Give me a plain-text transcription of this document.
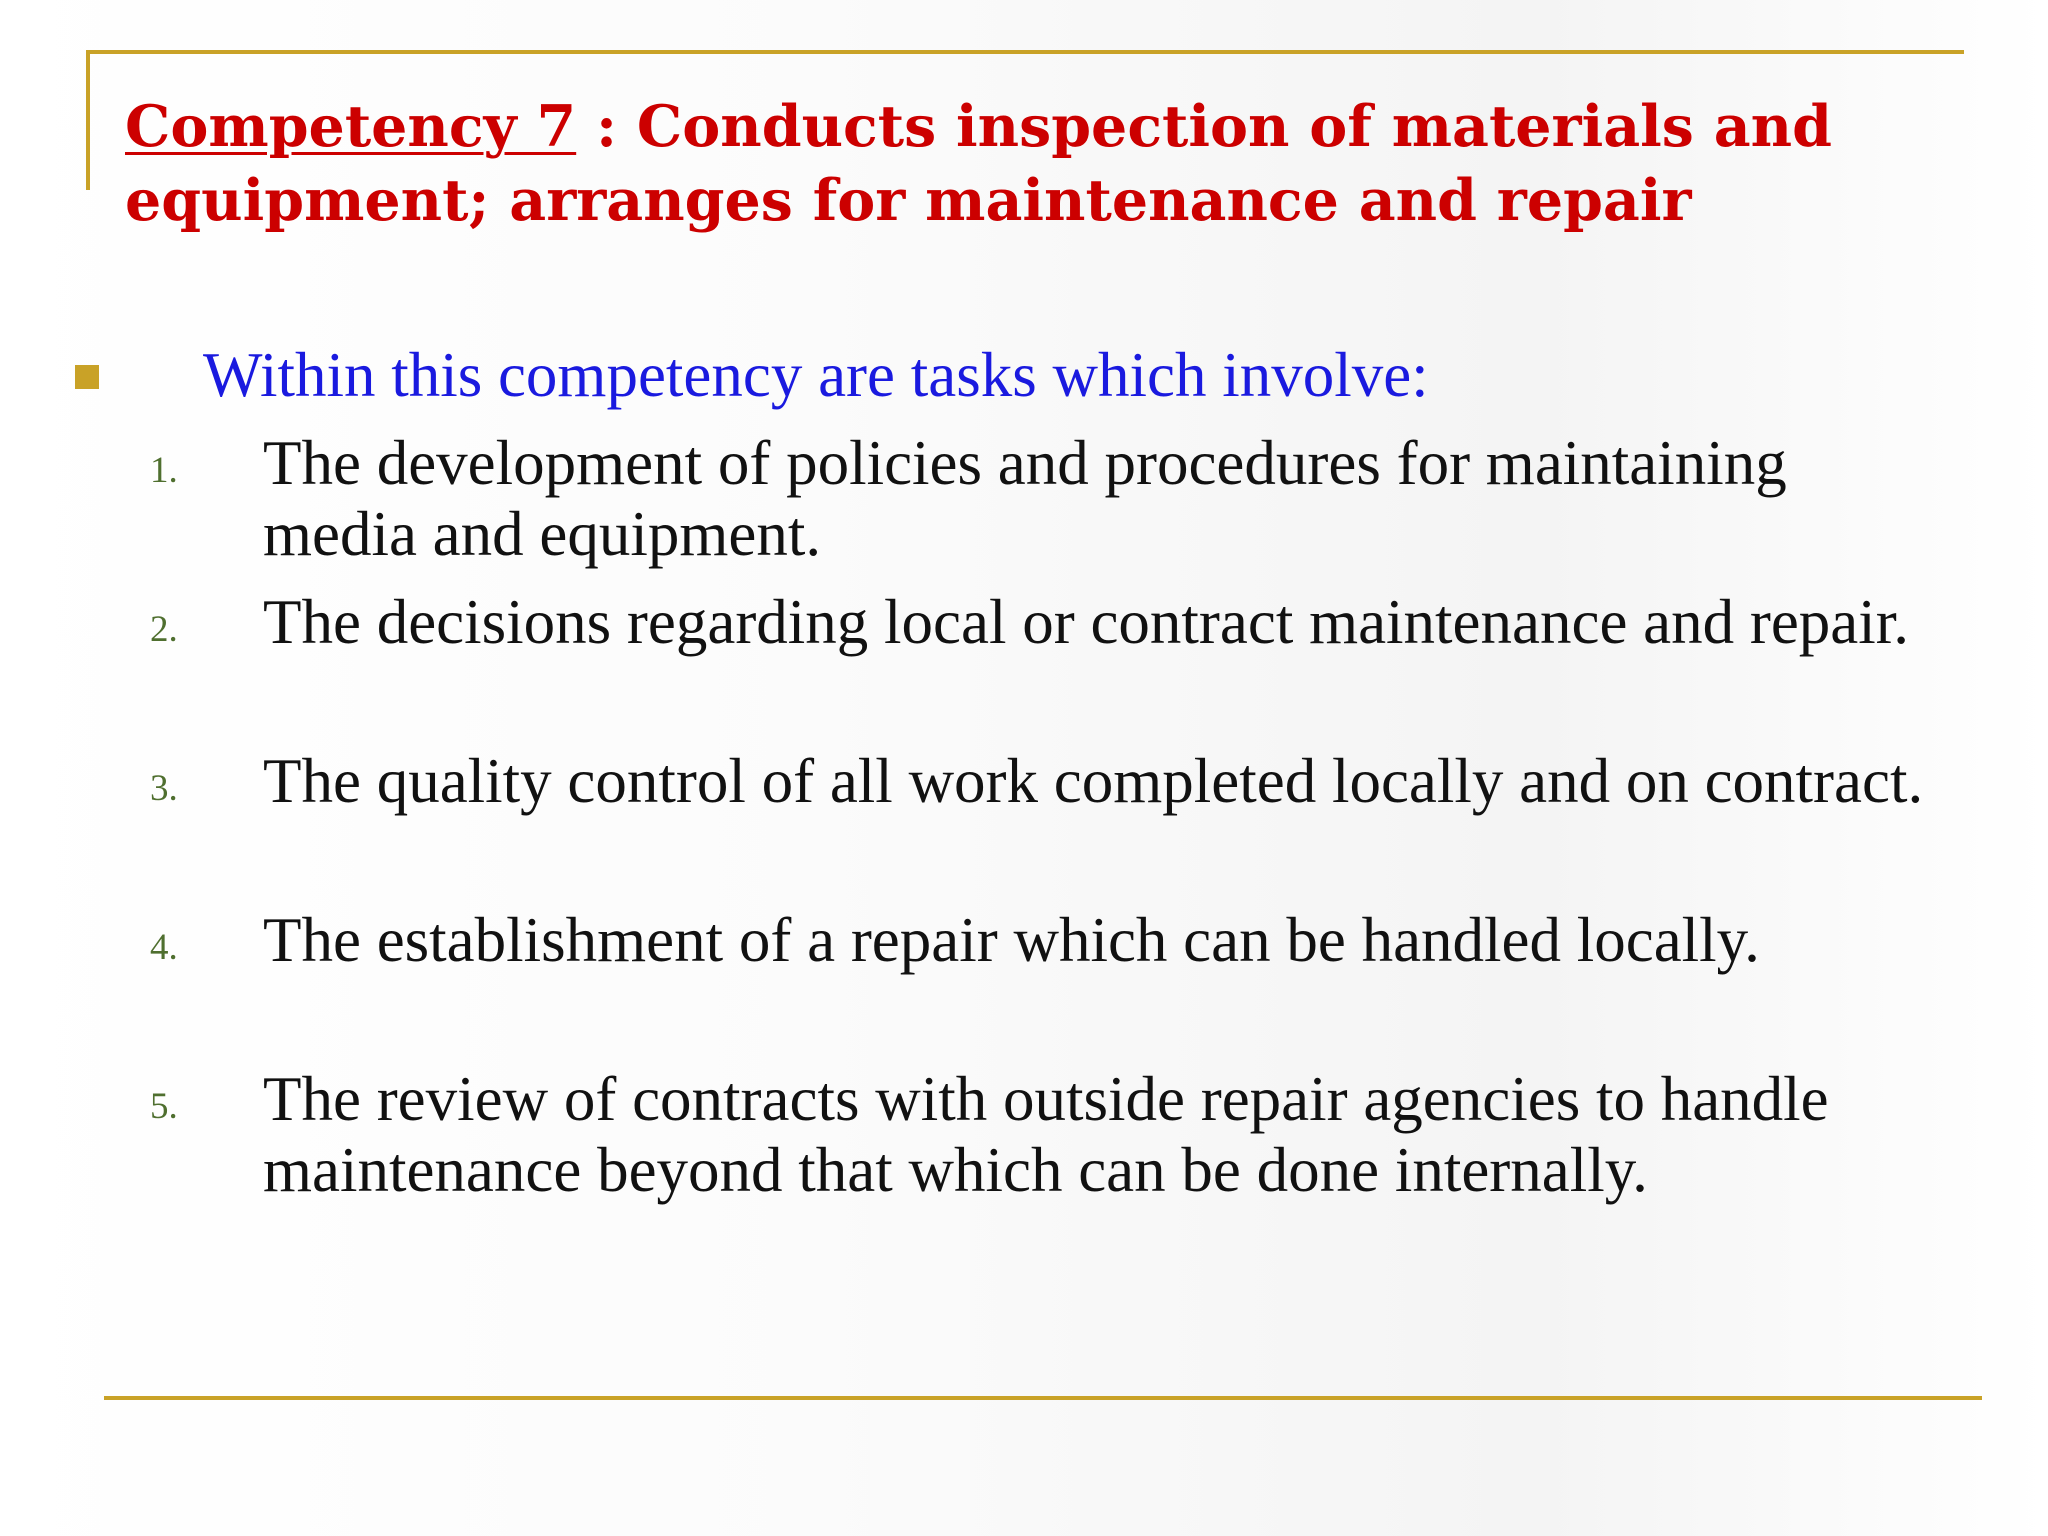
Competency 7 : Conducts inspection of materials and equipment; arranges for maintenance and repair
Within this competency are tasks which involve:
1. The development of policies and procedures for maintaining media and equipment.
2. The decisions regarding local or contract maintenance and repair.
3. The quality control of all work completed locally and on contract.
4. The establishment of a repair which can be handled locally.
5. The review of contracts with outside repair agencies to handle maintenance beyond that which can be done internally.
